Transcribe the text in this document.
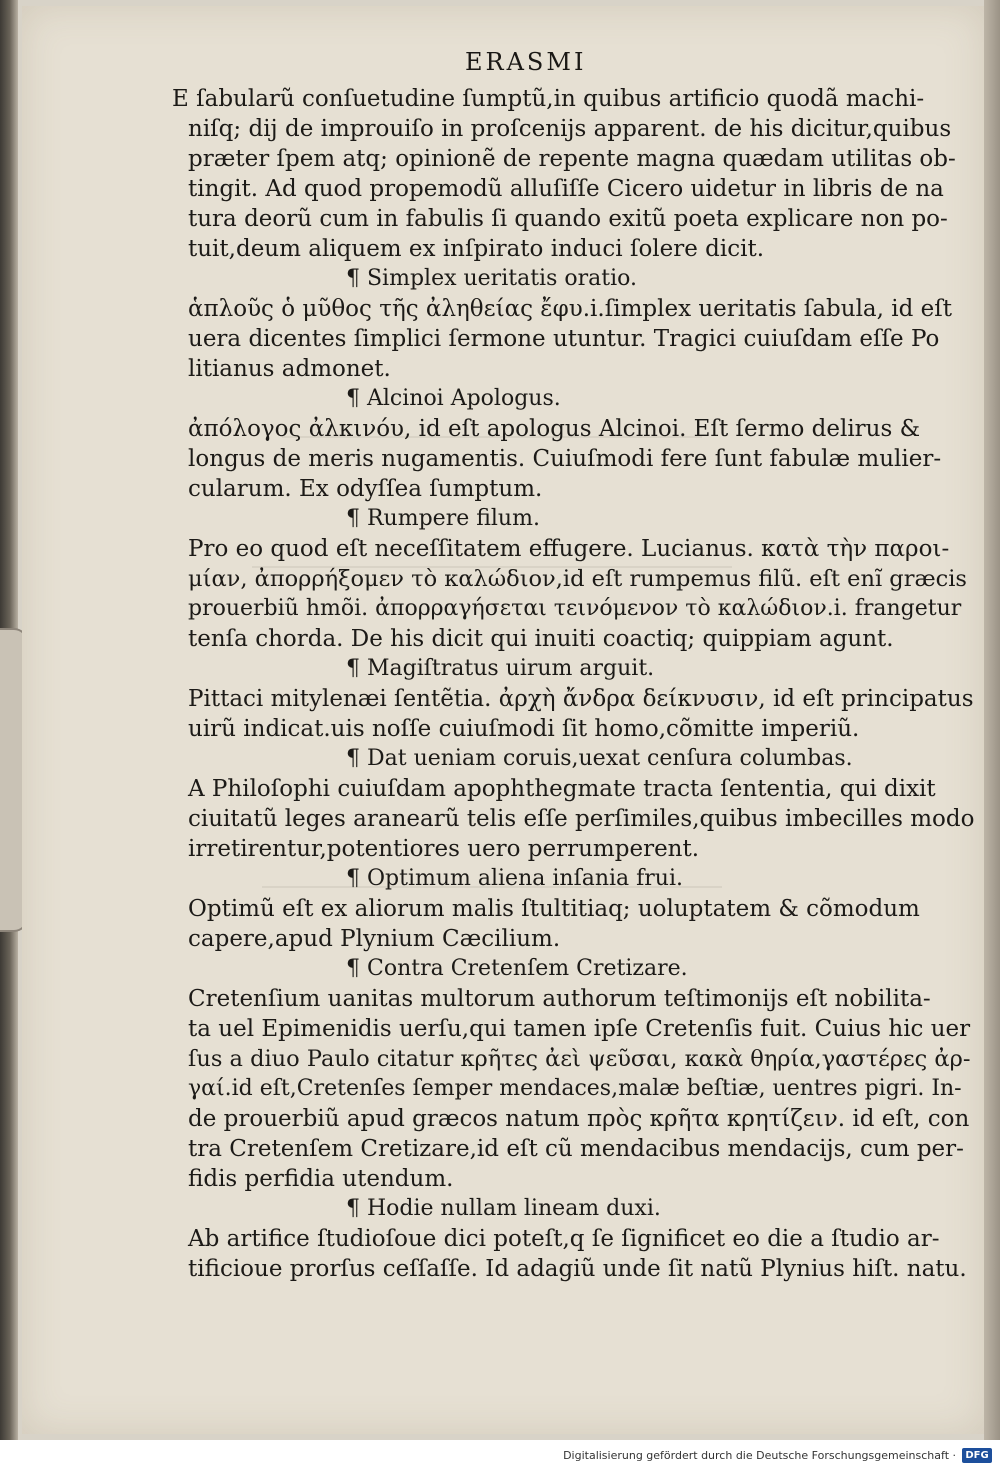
ERASMI
E ſabularũ conſuetudine ſumptũ,in quibus artificio quodã machi-
niſq; dij de improuiſo in proſcenijs apparent. de his dicitur,quibus
præter ſpem atq; opinionẽ de repente magna quædam utilitas ob-
tingit. Ad quod propemodũ alluſiſſe Cicero uidetur in libris de na
tura deorũ cum in fabulis ſi quando exitũ poeta explicare non po-
tuit,deum aliquem ex inſpirato induci ſolere dicit.
¶ Simplex ueritatis oratio.
ἁπλοῦς ὁ μῦθος τῆς ἀληθείας ἔφυ.i.ſimplex ueritatis ſabula, id eſt
uera dicentes ſimplici ſermone utuntur. Tragici cuiuſdam eſſe Po
litianus admonet.
¶ Alcinoi Apologus.
ἀπόλογος ἀλκινόυ, id eſt apologus Alcinoi. Eſt ſermo delirus &
longus de meris nugamentis. Cuiuſmodi fere ſunt fabulæ mulier-
cularum. Ex odyſſea ſumptum.
¶ Rumpere filum.
Pro eo quod eſt neceſſitatem effugere. Lucianus. κατὰ τὴν παροι-
μίαν, ἀπορρήξομεν τὸ καλώδιον,id eſt rumpemus filũ. eſt enĩ græcis
prouerbiũ hmõi. ἀπορραγήσεται τεινόμενον τὸ καλώδιον.i. frangetur
tenſa chorda. De his dicit qui inuiti coactiq; quippiam agunt.
¶ Magiſtratus uirum arguit.
Pittaci mitylenæi ſentẽtia. ἀρχὴ ἄνδρα δείκνυσιν, id eſt principatus
uirũ indicat.uis noſſe cuiuſmodi ſit homo,cõmitte imperiũ.
¶ Dat ueniam coruis,uexat cenſura columbas.
A Philoſophi cuiuſdam apophthegmate tracta ſententia, qui dixit
ciuitatũ leges aranearũ telis eſſe perſimiles,quibus imbecilles modo
irretirentur,potentiores uero perrumperent.
¶ Optimum aliena inſania frui.
Optimũ eſt ex aliorum malis ſtultitiaq; uoluptatem & cõmodum
capere,apud Plynium Cæcilium.
¶ Contra Cretenſem Cretizare.
Cretenſium uanitas multorum authorum teſtimonijs eſt nobilita-
ta uel Epimenidis uerſu,qui tamen ipſe Cretenſis fuit. Cuius hic uer
ſus a diuo Paulo citatur κρῆτες ἀεὶ ψεῦσαι, κακὰ θηρία,γαστέρες ἀρ-
γαί.id eſt,Cretenſes ſemper mendaces,malæ beſtiæ, uentres pigri. In-
de prouerbiũ apud græcos natum πρὸς κρῆτα κρητίζειν. id eſt, con
tra Cretenſem Cretizare,id eſt cũ mendacibus mendacijs, cum per-
fidis perfidia utendum.
¶ Hodie nullam lineam duxi.
Ab artifice ſtudioſoue dici poteſt,q ſe ſignificet eo die a ſtudio ar-
tificioue prorſus ceſſaſſe. Id adagiũ unde ſit natũ Plynius hiſt. natu.
Digitalisierung gefördert durch die Deutsche Forschungsgemeinschaft · DFG
